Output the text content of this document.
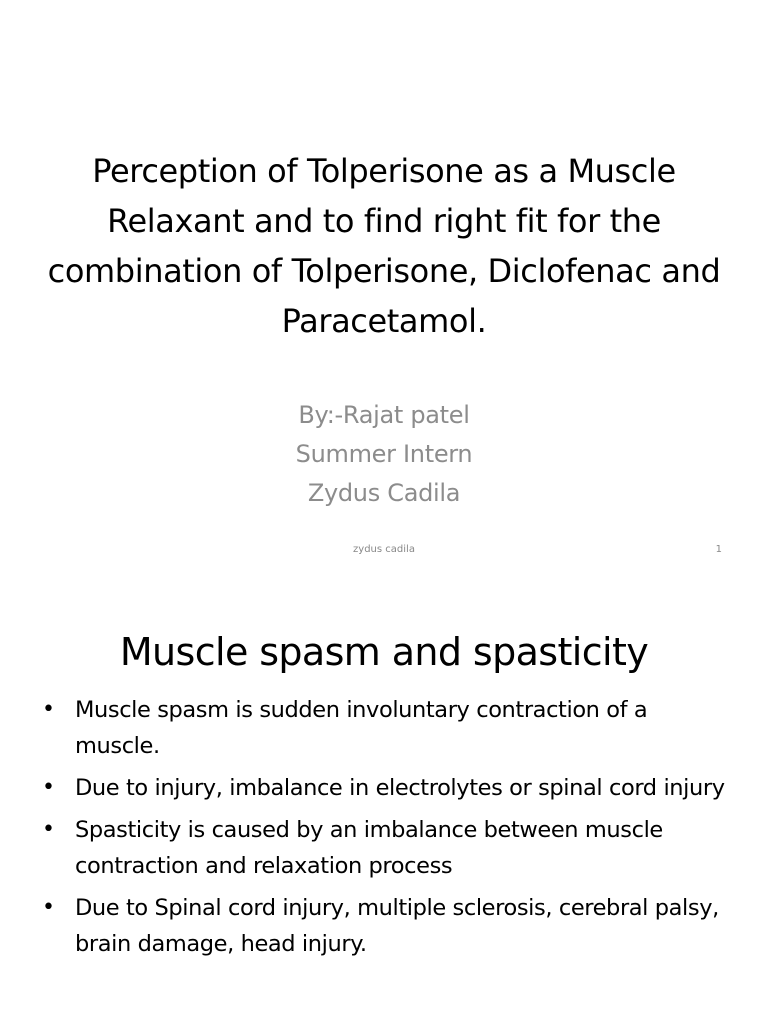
Perception of Tolperisone as a Muscle Relaxant and to find right fit for the combination of Tolperisone, Diclofenac and Paracetamol.
By:-Rajat patel
Summer Intern
Zydus Cadila
zydus cadila	1
Muscle spasm and spasticity
• Muscle spasm is sudden involuntary contraction of a muscle.
• Due to injury, imbalance in electrolytes or spinal cord injury
• Spasticity is caused by an imbalance between muscle contraction and relaxation process
• Due to Spinal cord injury, multiple sclerosis, cerebral palsy, brain damage, head injury.
